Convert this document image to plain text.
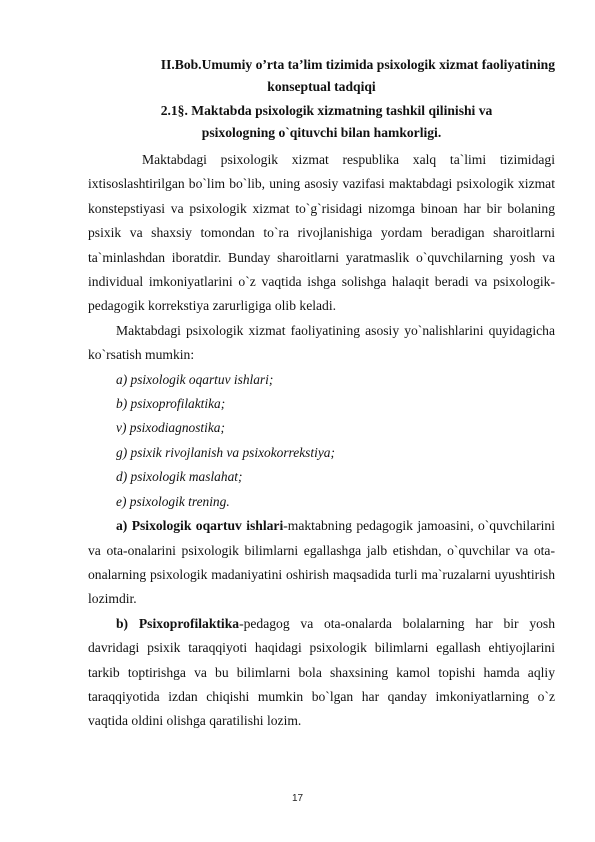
II.Bob.Umumiy o’rta ta’lim tizimida psixologik xizmat faoliyatining

konseptual tadqiqi

2.1§. Maktabda psixologik xizmatning tashkil qilinishi va

psixologning o`qituvchi bilan hamkorligi.

Maktabdagi psixologik xizmat respublika xalq ta`limi tizimidagi ixtisoslashtirilgan bo`lim bo`lib, uning asosiy vazifasi maktabdagi psixologik xizmat konstepstiyasi va psixologik xizmat to`g`risidagi nizomga binoan har bir bolaning psixik va shaxsiy tomondan to`ra rivojlanishiga yordam beradigan sharoitlarni ta`minlashdan iboratdir. Bunday sharoitlarni yaratmaslik o`quvchilarning yosh va individual imkoniyatlarini o`z vaqtida ishga solishga halaqit beradi va psixologik-pedagogik korrekstiya zarurligiga olib keladi.

Maktabdagi psixologik xizmat faoliyatining asosiy yo`nalishlarini quyidagicha ko`rsatish mumkin:

a) psixologik oqartuv ishlari;

b) psixoprofilaktika;

v) psixodiagnostika;

g) psixik rivojlanish va psixokorrekstiya;

d) psixologik maslahat;

e) psixologik trening.

a) Psixologik oqartuv ishlari-maktabning pedagogik jamoasini, o`quvchilarini va ota-onalarini psixologik bilimlarni egallashga jalb etishdan, o`quvchilar va ota-onalarning psixologik madaniyatini oshirish maqsadida turli ma`ruzalarni uyushtirish lozimdir.

b) Psixoprofilaktika-pedagog va ota-onalarda bolalarning har bir yosh davridagi psixik taraqqiyoti haqidagi psixologik bilimlarni egallash ehtiyojlarini tarkib toptirishga va bu bilimlarni bola shaxsining kamol topishi hamda aqliy taraqqiyotida izdan chiqishi mumkin bo`lgan har qanday imkoniyatlarning o`z vaqtida oldini olishga qaratilishi lozim.

17
